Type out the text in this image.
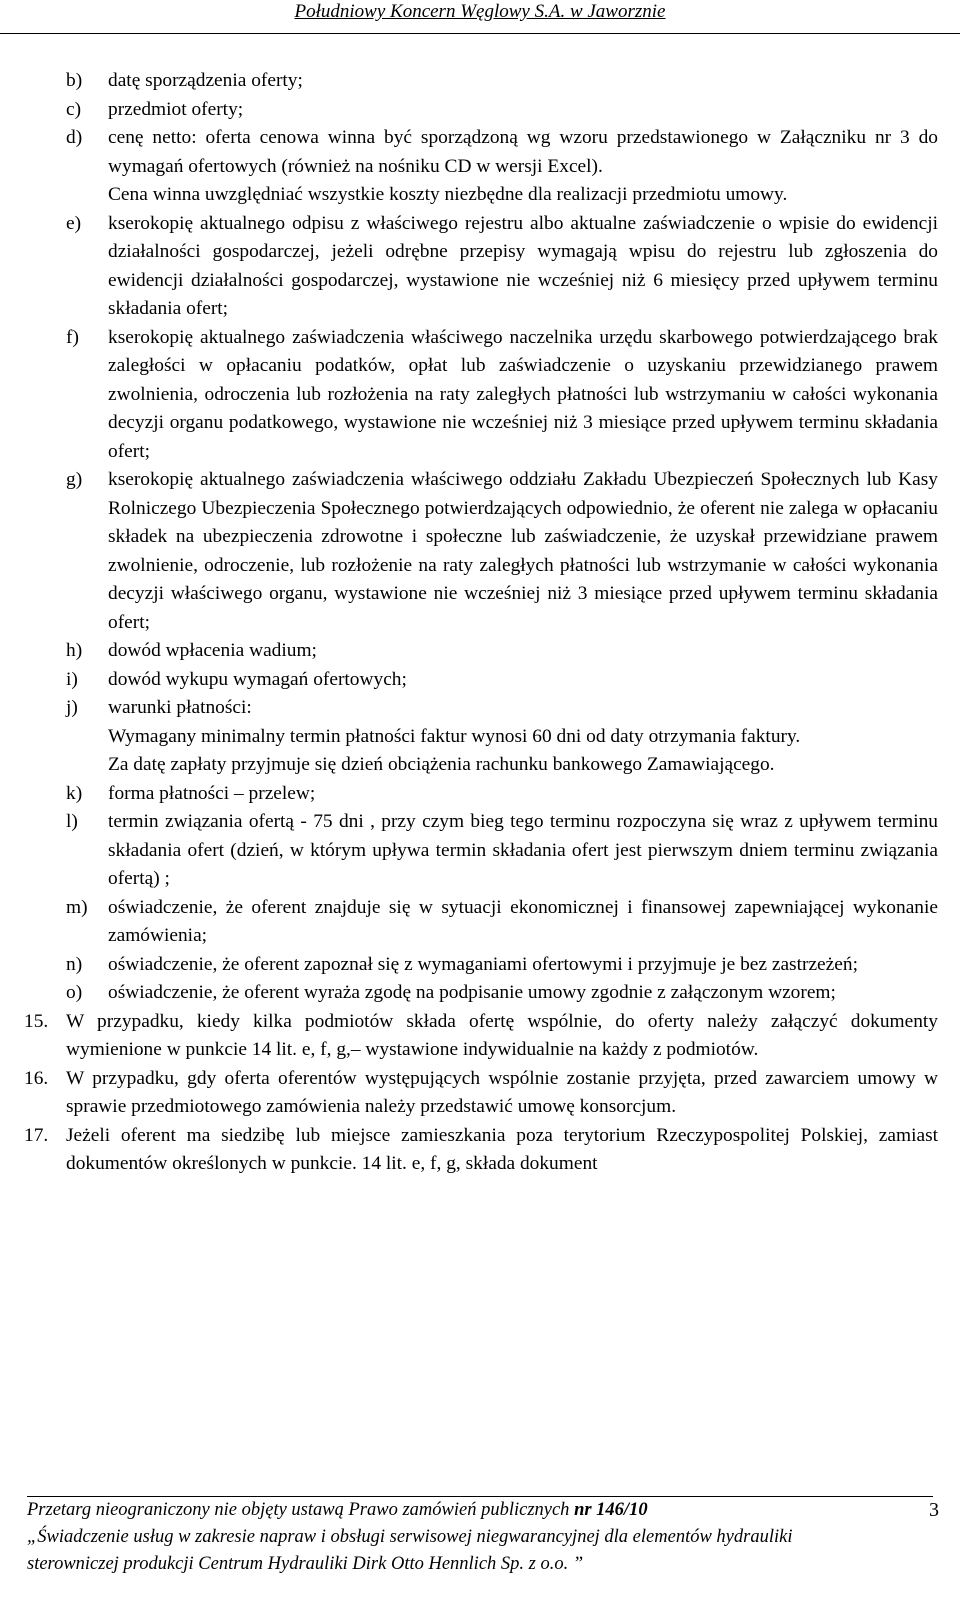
Południowy Koncern Węglowy S.A. w Jaworznie
b)	datę sporządzenia oferty;

c)	przedmiot oferty;

d)	cenę netto: oferta cenowa winna być sporządzoną wg wzoru przedstawionego w Załączniku nr 3 do wymagań ofertowych (również na nośniku CD w wersji Excel).

Cena winna uwzględniać wszystkie koszty niezbędne dla realizacji przedmiotu umowy.

e)	kserokopię aktualnego odpisu z właściwego rejestru albo aktualne zaświadczenie o wpisie do ewidencji działalności gospodarczej, jeżeli odrębne przepisy wymagają wpisu do rejestru lub zgłoszenia do ewidencji działalności gospodarczej, wystawione nie wcześniej niż 6 miesięcy przed upływem terminu składania ofert;

f)	kserokopię aktualnego zaświadczenia właściwego naczelnika urzędu skarbowego potwierdzającego brak zaległości w opłacaniu podatków, opłat lub zaświadczenie o uzyskaniu przewidzianego prawem zwolnienia, odroczenia lub rozłożenia na raty zaległych płatności lub wstrzymaniu w całości wykonania decyzji organu podatkowego, wystawione nie wcześniej niż 3 miesiące przed upływem terminu składania ofert;

g)	kserokopię aktualnego zaświadczenia właściwego oddziału Zakładu Ubezpieczeń Społecznych lub Kasy Rolniczego Ubezpieczenia Społecznego potwierdzających odpowiednio, że oferent nie zalega w opłacaniu składek na ubezpieczenia zdrowotne i społeczne lub zaświadczenie, że uzyskał przewidziane prawem zwolnienie, odroczenie, lub rozłożenie na raty zaległych płatności lub wstrzymanie w całości wykonania decyzji właściwego organu, wystawione nie wcześniej niż 3 miesiące przed upływem terminu składania ofert;

h)	dowód wpłacenia wadium;

i)	dowód wykupu wymagań ofertowych;

j)	warunki płatności:

Wymagany minimalny termin płatności faktur wynosi 60 dni od daty otrzymania faktury.

Za datę zapłaty przyjmuje się dzień obciążenia rachunku bankowego Zamawiającego.

k)	forma płatności – przelew;

l)	termin związania ofertą - 75 dni , przy czym bieg tego terminu rozpoczyna się wraz z upływem terminu składania ofert (dzień, w którym upływa termin składania ofert jest pierwszym dniem terminu związania ofertą) ;

m)	oświadczenie, że oferent znajduje się w sytuacji ekonomicznej i finansowej zapewniającej wykonanie zamówienia;

n)	oświadczenie, że oferent zapoznał się z wymaganiami ofertowymi i przyjmuje je bez zastrzeżeń;

o)	oświadczenie, że oferent wyraża zgodę na podpisanie umowy zgodnie z załączonym wzorem;

15. W przypadku, kiedy kilka podmiotów składa ofertę wspólnie, do oferty należy załączyć dokumenty wymienione w punkcie 14 lit. e, f, g,– wystawione indywidualnie na każdy z podmiotów.
16. W przypadku, gdy oferta oferentów występujących wspólnie zostanie przyjęta, przed zawarciem umowy w sprawie przedmiotowego zamówienia należy przedstawić umowę konsorcjum.
17. Jeżeli oferent ma siedzibę lub miejsce zamieszkania poza terytorium Rzeczypospolitej Polskiej, zamiast dokumentów określonych w punkcie. 14 lit. e, f, g, składa dokument
Przetarg nieograniczony nie objęty ustawą Prawo zamówień publicznych nr 146/10	3
„Świadczenie usług w zakresie napraw i obsługi serwisowej niegwarancyjnej dla elementów hydrauliki
sterowniczej produkcji Centrum Hydrauliki Dirk Otto Hennlich Sp. z o.o. ”
